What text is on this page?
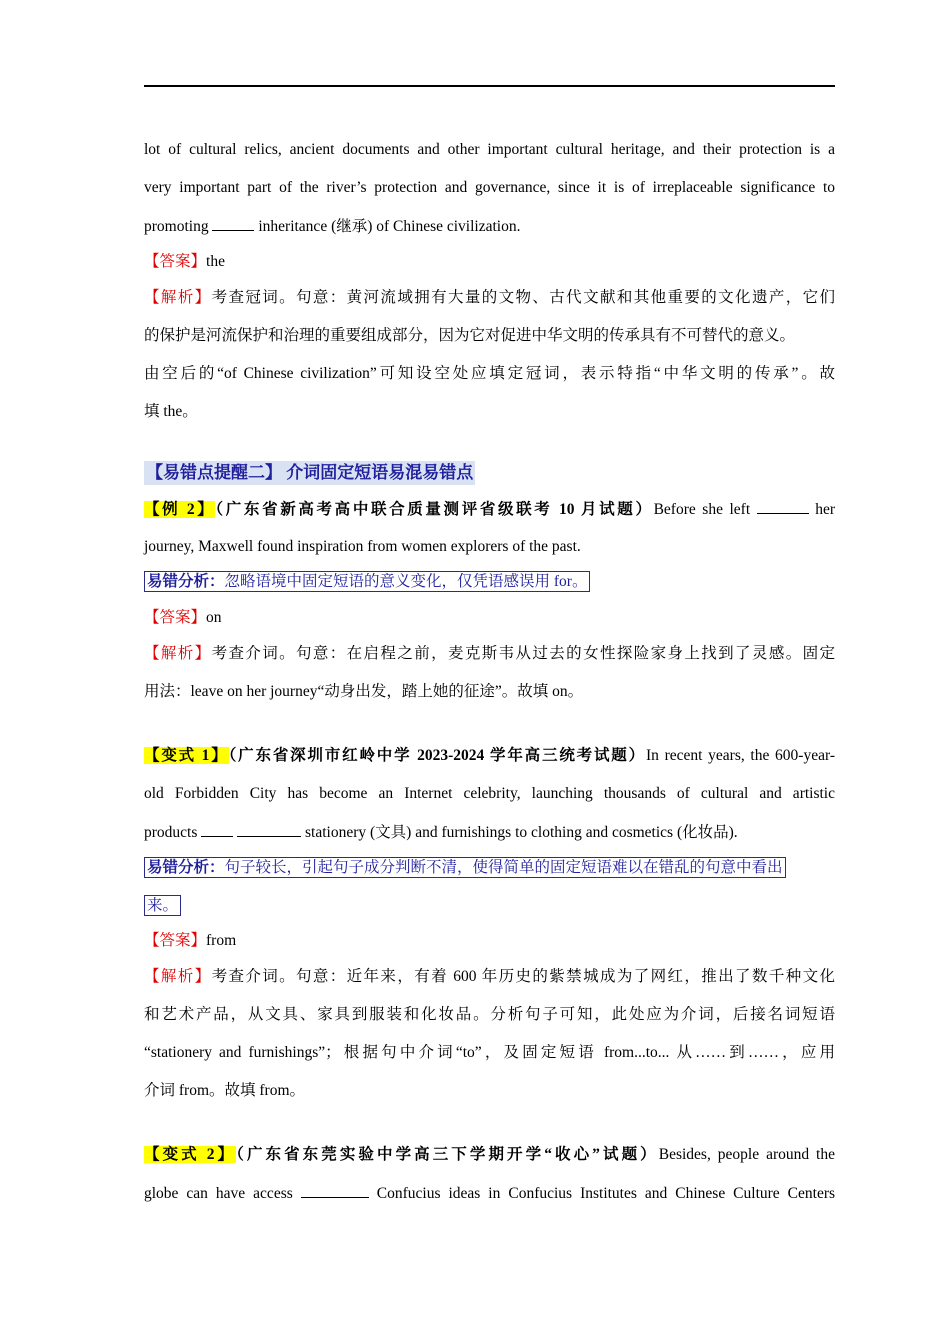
lot of cultural relics, ancient documents and other important cultural heritage, and their protection is a
very important part of the river’s protection and governance, since it is of irreplaceable significance to
promoting	inheritance (继承) of Chinese civilization.
【答案】the
【解析】考查冠词。句意：黄河流域拥有大量的文物、古代文献和其他重要的文化遗产，它们
的保护是河流保护和治理的重要组成部分，因为它对促进中华文明的传承具有不可替代的意义。
由空后的“of Chinese civilization”可知设空处应填定冠词，表示特指“中华文明的传承”。故
填 the。
【易错点提醒二】 介词固定短语易混易错点
【例 2】（广东省新高考高中联合质量测评省级联考 10 月试题）Before she left	her
journey, Maxwell found inspiration from women explorers of the past.
易错分析：忽略语境中固定短语的意义变化，仅凭语感误用 for。
【答案】on
【解析】考查介词。句意：在启程之前，麦克斯韦从过去的女性探险家身上找到了灵感。固定
用法：leave on her journey“动身出发，踏上她的征途”。故填 on。
【变式 1】（广东省深圳市红岭中学 2023-2024 学年高三统考试题）In recent years, the 600-year-
old Forbidden City has become an Internet celebrity, launching thousands of cultural and artistic
products	stationery (文具) and furnishings to clothing and cosmetics (化妆品).
易错分析：句子较长，引起句子成分判断不清，使得简单的固定短语难以在错乱的句意中看出
来。
【答案】from
【解析】考查介词。句意：近年来，有着 600 年历史的紫禁城成为了网红，推出了数千种文化
和艺术产品，从文具、家具到服装和化妆品。分析句子可知，此处应为介词，后接名词短语
“stationery and furnishings”；根据句中介词“to”，及固定短语 from...to... 从……到……，应用
介词 from。故填 from。
【变式 2】（广东省东莞实验中学高三下学期开学“收心”试题）Besides, people around the
globe can have access	Confucius ideas in Confucius Institutes and Chinese Culture Centers
